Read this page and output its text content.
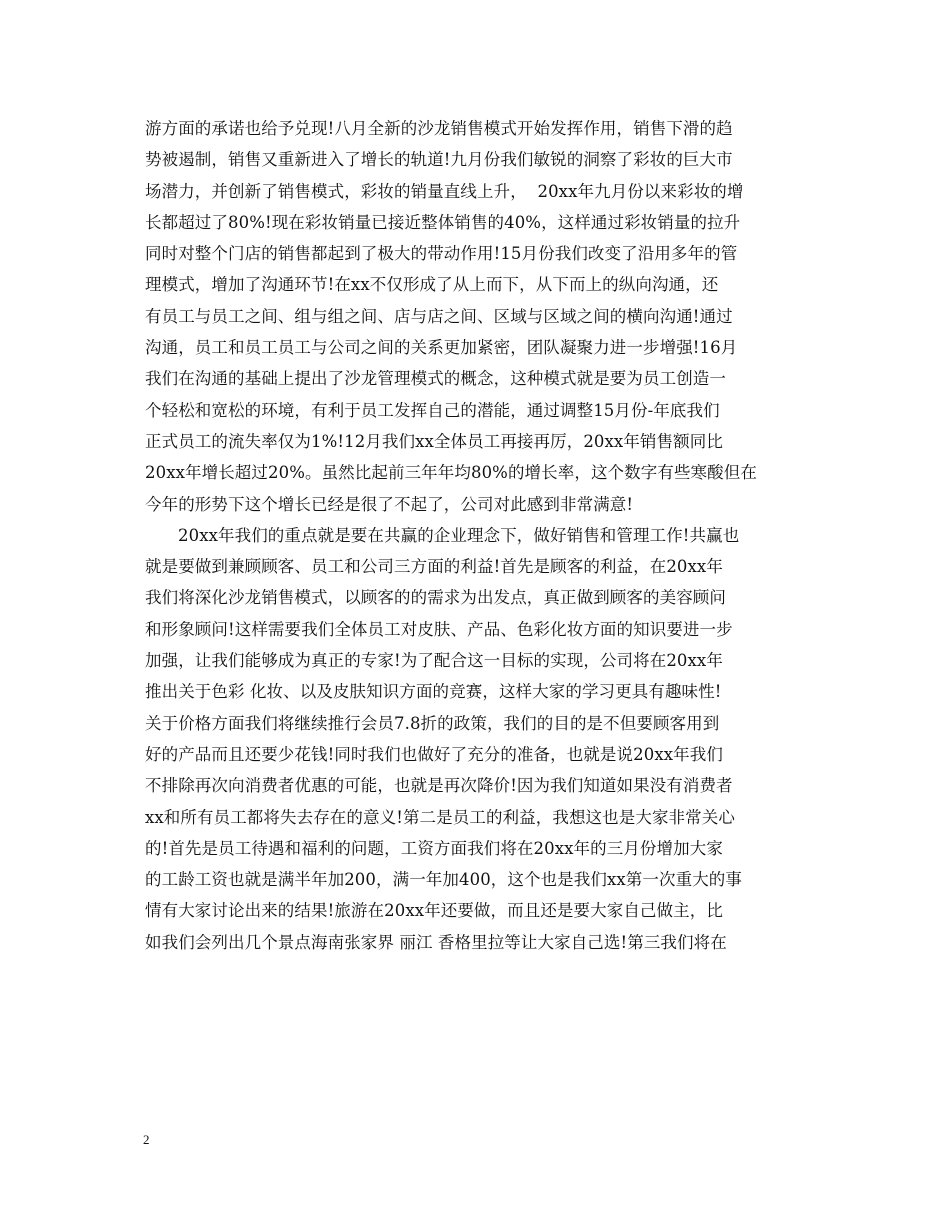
游方面的承诺也给予兑现!八月全新的沙龙销售模式开始发挥作用，销售下滑的趋
势被遏制，销售又重新进入了增长的轨道!九月份我们敏锐的洞察了彩妆的巨大市
场潜力，并创新了销售模式，彩妆的销量直线上升，  20xx年九月份以来彩妆的增
长都超过了80%!现在彩妆销量已接近整体销售的40%，这样通过彩妆销量的拉升
同时对整个门店的销售都起到了极大的带动作用!15月份我们改变了沿用多年的管
理模式，增加了沟通环节!在xx不仅形成了从上而下，从下而上的纵向沟通，还
有员工与员工之间、组与组之间、店与店之间、区域与区域之间的横向沟通!通过
沟通，员工和员工员工与公司之间的关系更加紧密，团队凝聚力进一步增强!16月
我们在沟通的基础上提出了沙龙管理模式的概念，这种模式就是要为员工创造一
个轻松和宽松的环境，有利于员工发挥自己的潜能，通过调整15月份-年底我们
正式员工的流失率仅为1%!12月我们xx全体员工再接再厉，20xx年销售额同比
20xx年增长超过20%。虽然比起前三年年均80%的增长率，这个数字有些寒酸但在
今年的形势下这个增长已经是很了不起了，公司对此感到非常满意!
20xx年我们的重点就是要在共赢的企业理念下，做好销售和管理工作!共赢也
就是要做到兼顾顾客、员工和公司三方面的利益!首先是顾客的利益，在20xx年
我们将深化沙龙销售模式，以顾客的的需求为出发点，真正做到顾客的美容顾问
和形象顾问!这样需要我们全体员工对皮肤、产品、色彩化妆方面的知识要进一步
加强，让我们能够成为真正的专家!为了配合这一目标的实现，公司将在20xx年
推出关于色彩 化妆、以及皮肤知识方面的竞赛，这样大家的学习更具有趣味性!
关于价格方面我们将继续推行会员7.8折的政策，我们的目的是不但要顾客用到
好的产品而且还要少花钱!同时我们也做好了充分的准备，也就是说20xx年我们
不排除再次向消费者优惠的可能，也就是再次降价!因为我们知道如果没有消费者
xx和所有员工都将失去存在的意义!第二是员工的利益，我想这也是大家非常关心
的!首先是员工待遇和福利的问题，工资方面我们将在20xx年的三月份增加大家
的工龄工资也就是满半年加200，满一年加400，这个也是我们xx第一次重大的事
情有大家讨论出来的结果!旅游在20xx年还要做，而且还是要大家自己做主，比
如我们会列出几个景点海南张家界 丽江 香格里拉等让大家自己选!第三我们将在
2
